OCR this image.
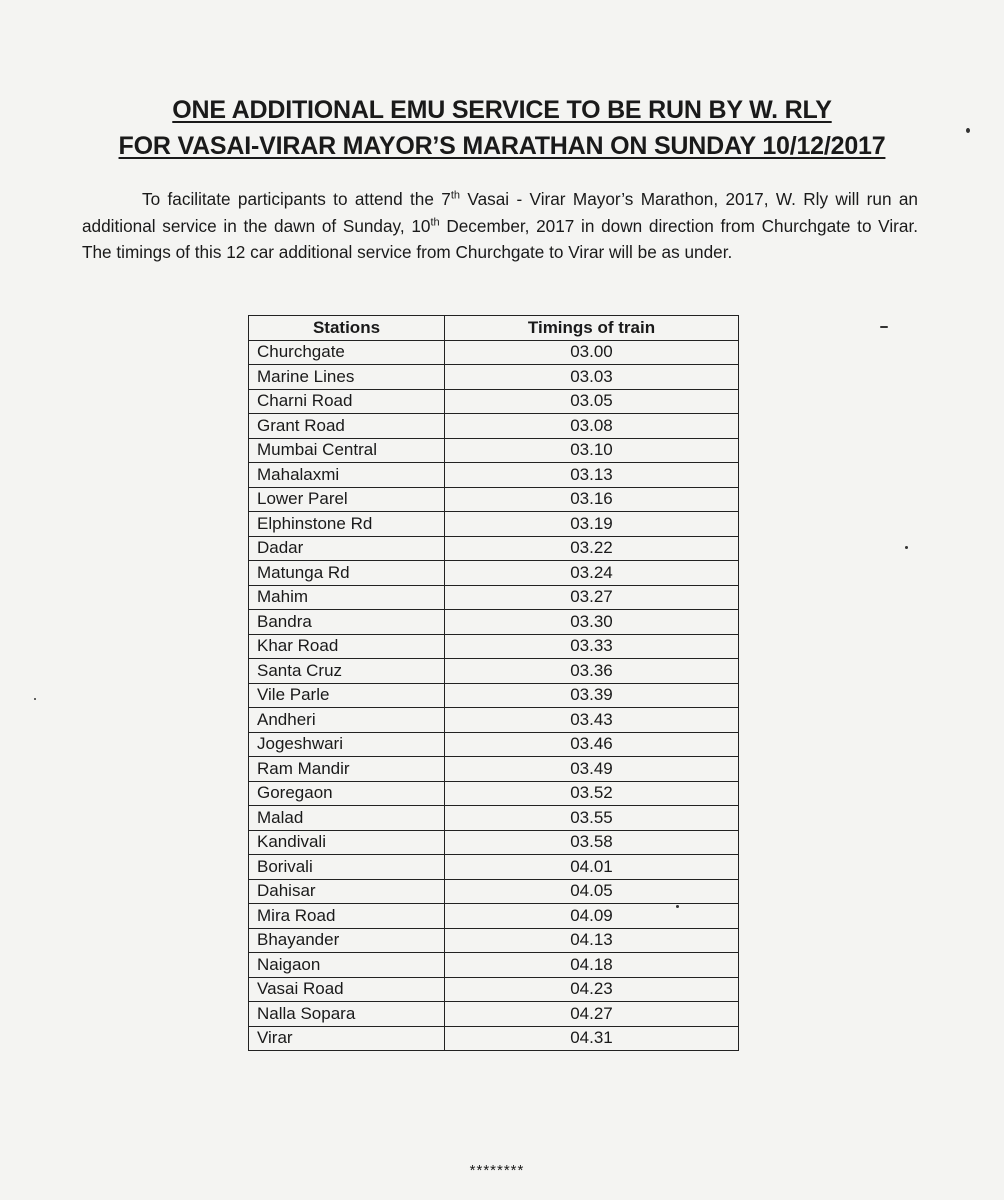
ONE ADDITIONAL EMU SERVICE TO BE RUN BY W. RLY
FOR VASAI-VIRAR MAYOR’S MARATHAN ON SUNDAY 10/12/2017

To facilitate participants to attend the 7th Vasai - Virar Mayor’s Marathon, 2017, W. Rly will run an additional service in the dawn of Sunday, 10th December, 2017 in down direction from Churchgate to Virar. The timings of this 12 car additional service from Churchgate to Virar will be as under.

Stations	Timings of train
Churchgate	03.00
Marine Lines	03.03
Charni Road	03.05
Grant Road	03.08
Mumbai Central	03.10
Mahalaxmi	03.13
Lower Parel	03.16
Elphinstone Rd	03.19
Dadar	03.22
Matunga Rd	03.24
Mahim	03.27
Bandra	03.30
Khar Road	03.33
Santa Cruz	03.36
Vile Parle	03.39
Andheri	03.43
Jogeshwari	03.46
Ram Mandir	03.49
Goregaon	03.52
Malad	03.55
Kandivali	03.58
Borivali	04.01
Dahisar	04.05
Mira Road	04.09
Bhayander	04.13
Naigaon	04.18
Vasai Road	04.23
Nalla Sopara	04.27
Virar	04.31

********
